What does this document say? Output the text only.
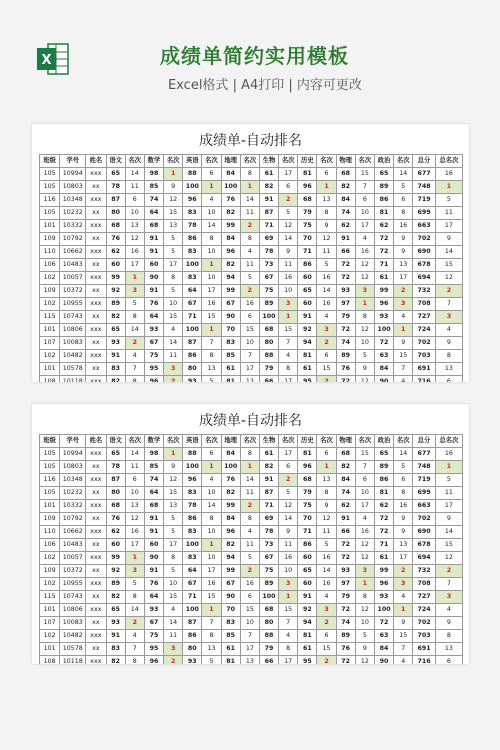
X	成绩单简约实用模板
Excel格式 | A4打印 | 内容可更改
成绩单-自动排名
班级	学号	姓名	语文	名次	数学	名次	英语	名次	地理	名次	生物	名次	历史	名次	物理	名次	政治	名次	总分	总名次
105	10994	xxx	65	14	98	1	88	6	84	8	61	17	81	6	68	15	65	14	677	16
105	10803	xx	78	11	85	9	100	1	100	1	82	6	96	1	82	7	89	5	748	1
116	10348	xxx	87	6	74	12	96	4	76	14	91	2	68	13	84	6	86	6	719	5
105	10232	xx	80	10	64	15	83	10	82	11	87	5	79	8	74	10	81	8	699	11
101	10332	xxx	68	13	68	13	78	14	99	2	71	12	75	9	62	17	62	16	663	17
109	10792	xx	76	12	91	5	86	8	84	8	69	14	70	12	91	4	72	9	702	9
110	10662	xxx	62	16	91	5	83	10	96	4	78	9	71	11	66	16	72	9	690	14
106	10483	xx	60	17	60	17	100	1	82	11	73	11	86	5	72	12	71	13	678	15
102	10057	xxx	99	1	90	8	83	10	94	5	67	16	60	16	72	12	61	17	694	12
109	10372	xx	92	3	91	5	64	17	99	2	75	10	65	14	93	3	99	2	732	2
102	10955	xxx	89	5	76	10	67	16	67	16	89	3	60	16	97	1	96	3	708	7
115	10743	xx	82	8	64	15	71	15	90	6	100	1	91	4	79	8	93	4	727	3
101	10806	xxx	65	14	93	4	100	1	70	15	68	15	92	3	72	12	100	1	724	4
107	10083	xx	93	2	67	14	87	7	83	10	80	7	94	2	74	10	72	9	702	9
102	10482	xxx	91	4	75	11	86	8	85	7	88	4	81	6	89	5	63	15	703	8
101	10578	xx	83	7	95	3	80	13	61	17	79	8	61	15	76	9	84	7	691	13
108	10118	xxx	82	8	96	2	93	5	81	13	66	17	95	2	72	12	90	4	716	6
成绩单-自动排名
班级	学号	姓名	语文	名次	数学	名次	英语	名次	地理	名次	生物	名次	历史	名次	物理	名次	政治	名次	总分	总名次
105	10994	xxx	65	14	98	1	88	6	84	8	61	17	81	6	68	15	65	14	677	16
105	10803	xx	78	11	85	9	100	1	100	1	82	6	96	1	82	7	89	5	748	1
116	10348	xxx	87	6	74	12	96	4	76	14	91	2	68	13	84	6	86	6	719	5
105	10232	xx	80	10	64	15	83	10	82	11	87	5	79	8	74	10	81	8	699	11
101	10332	xxx	68	13	68	13	78	14	99	2	71	12	75	9	62	17	62	16	663	17
109	10792	xx	76	12	91	5	86	8	84	8	69	14	70	12	91	4	72	9	702	9
110	10662	xxx	62	16	91	5	83	10	96	4	78	9	71	11	66	16	72	9	690	14
106	10483	xx	60	17	60	17	100	1	82	11	73	11	86	5	72	12	71	13	678	15
102	10057	xxx	99	1	90	8	83	10	94	5	67	16	60	16	72	12	61	17	694	12
109	10372	xx	92	3	91	5	64	17	99	2	75	10	65	14	93	3	99	2	732	2
102	10955	xxx	89	5	76	10	67	16	67	16	89	3	60	16	97	1	96	3	708	7
115	10743	xx	82	8	64	15	71	15	90	6	100	1	91	4	79	8	93	4	727	3
101	10806	xxx	65	14	93	4	100	1	70	15	68	15	92	3	72	12	100	1	724	4
107	10083	xx	93	2	67	14	87	7	83	10	80	7	94	2	74	10	72	9	702	9
102	10482	xxx	91	4	75	11	86	8	85	7	88	4	81	6	89	5	63	15	703	8
101	10578	xx	83	7	95	3	80	13	61	17	79	8	61	15	76	9	84	7	691	13
108	10118	xxx	82	8	96	2	93	5	81	13	66	17	95	2	72	12	90	4	716	6
